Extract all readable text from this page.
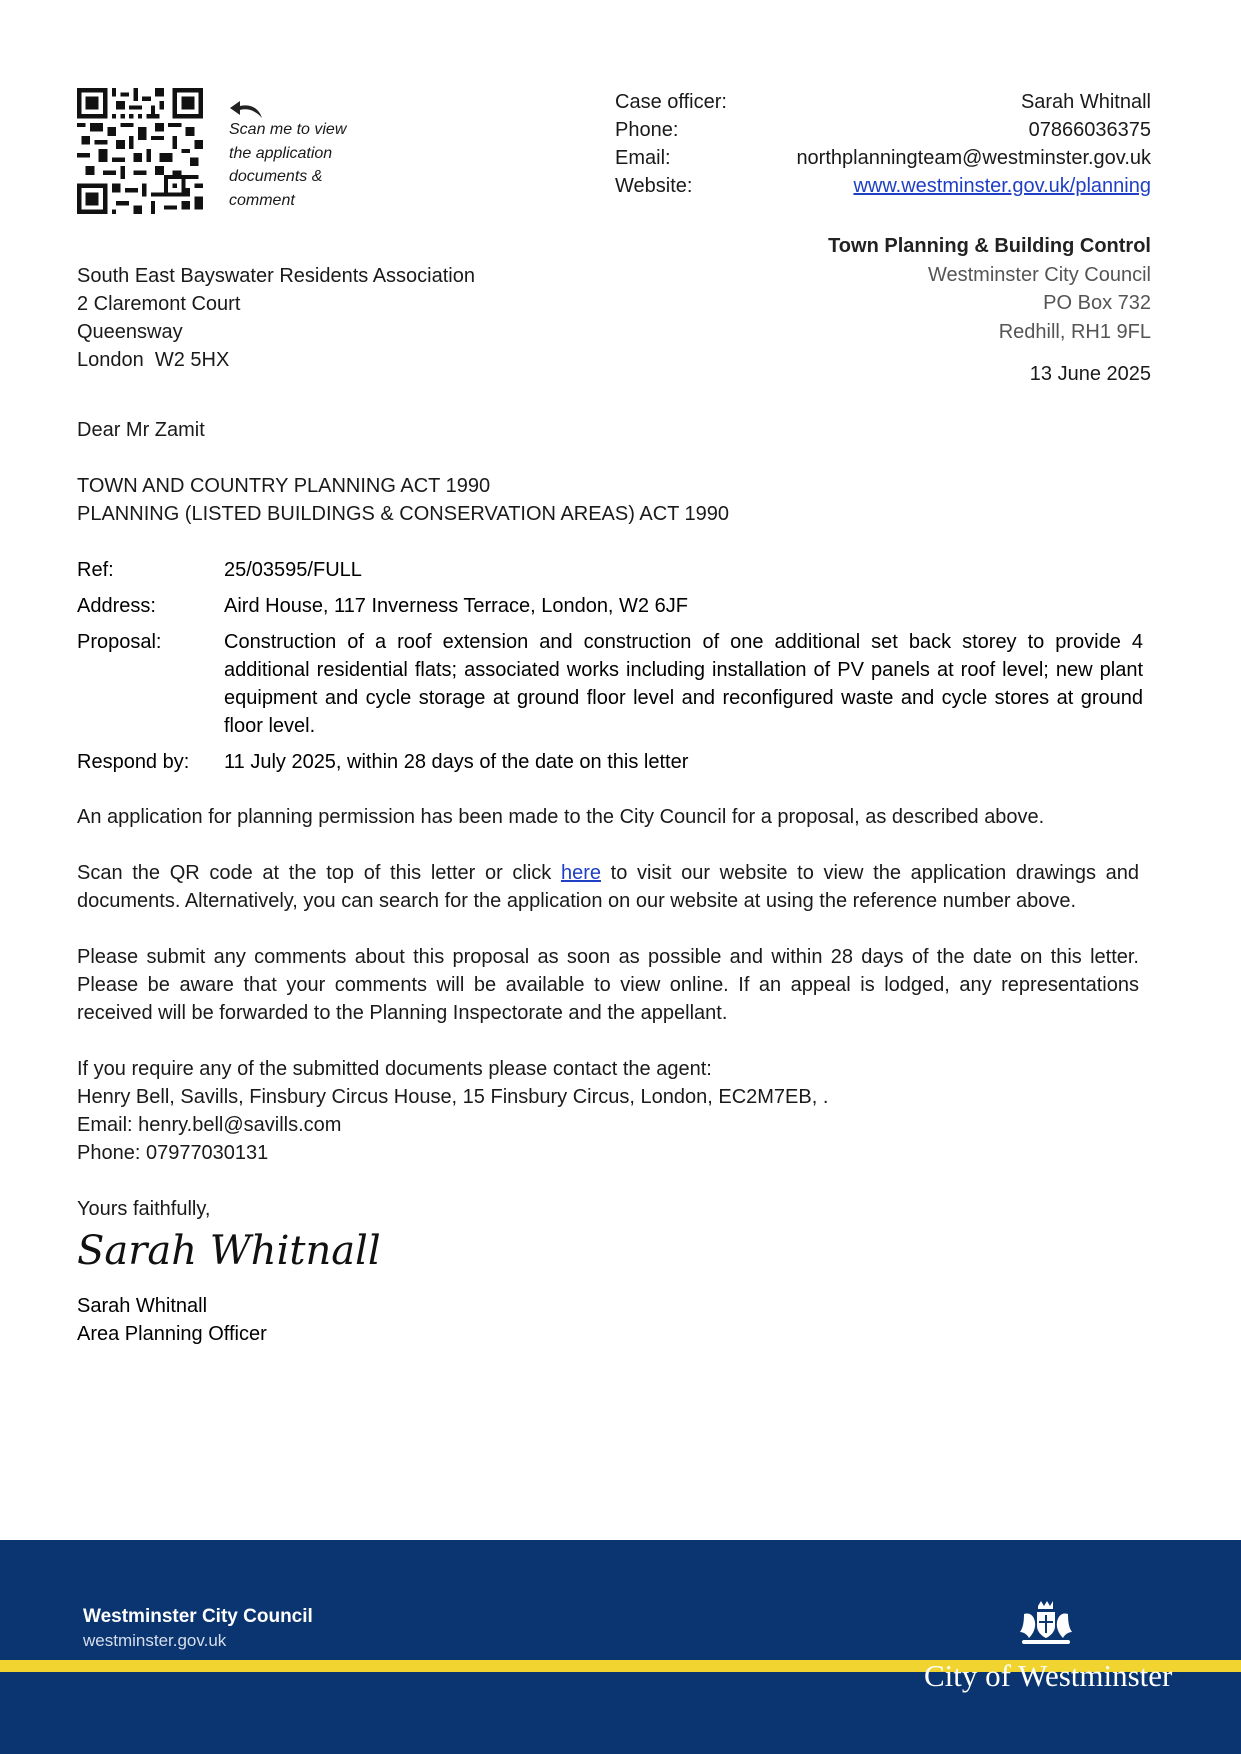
Scan me to view the application documents & comment
Case officer:	Sarah Whitnall
Phone:	07866036375
Email:	northplanningteam@westminster.gov.uk
Website:	www.westminster.gov.uk/planning
Town Planning & Building Control
Westminster City Council
PO Box 732
Redhill, RH1 9FL
13 June 2025
South East Bayswater Residents Association
2 Claremont Court
Queensway
London  W2 5HX
Dear Mr Zamit
TOWN AND COUNTRY PLANNING ACT 1990
PLANNING (LISTED BUILDINGS & CONSERVATION AREAS) ACT 1990
Ref:	25/03595/FULL
Address:	Aird House, 117 Inverness Terrace, London, W2 6JF
Proposal:	Construction of a roof extension and construction of one additional set back storey to provide 4 additional residential flats; associated works including installation of PV panels at roof level; new plant equipment and cycle storage at ground floor level and reconfigured waste and cycle stores at ground floor level.
Respond by:	11 July 2025, within 28 days of the date on this letter
An application for planning permission has been made to the City Council for a proposal, as described above.
Scan the QR code at the top of this letter or click here to visit our website to view the application drawings and documents. Alternatively, you can search for the application on our website at using the reference number above.
Please submit any comments about this proposal as soon as possible and within 28 days of the date on this letter. Please be aware that your comments will be available to view online. If an appeal is lodged, any representations received will be forwarded to the Planning Inspectorate and the appellant.
If you require any of the submitted documents please contact the agent:
Henry Bell, Savills, Finsbury Circus House, 15 Finsbury Circus, London, EC2M7EB, .
Email: henry.bell@savills.com
Phone: 07977030131
Yours faithfully,
Sarah Whitnall
Sarah Whitnall
Area Planning Officer
Westminster City Council
westminster.gov.uk
City of Westminster
